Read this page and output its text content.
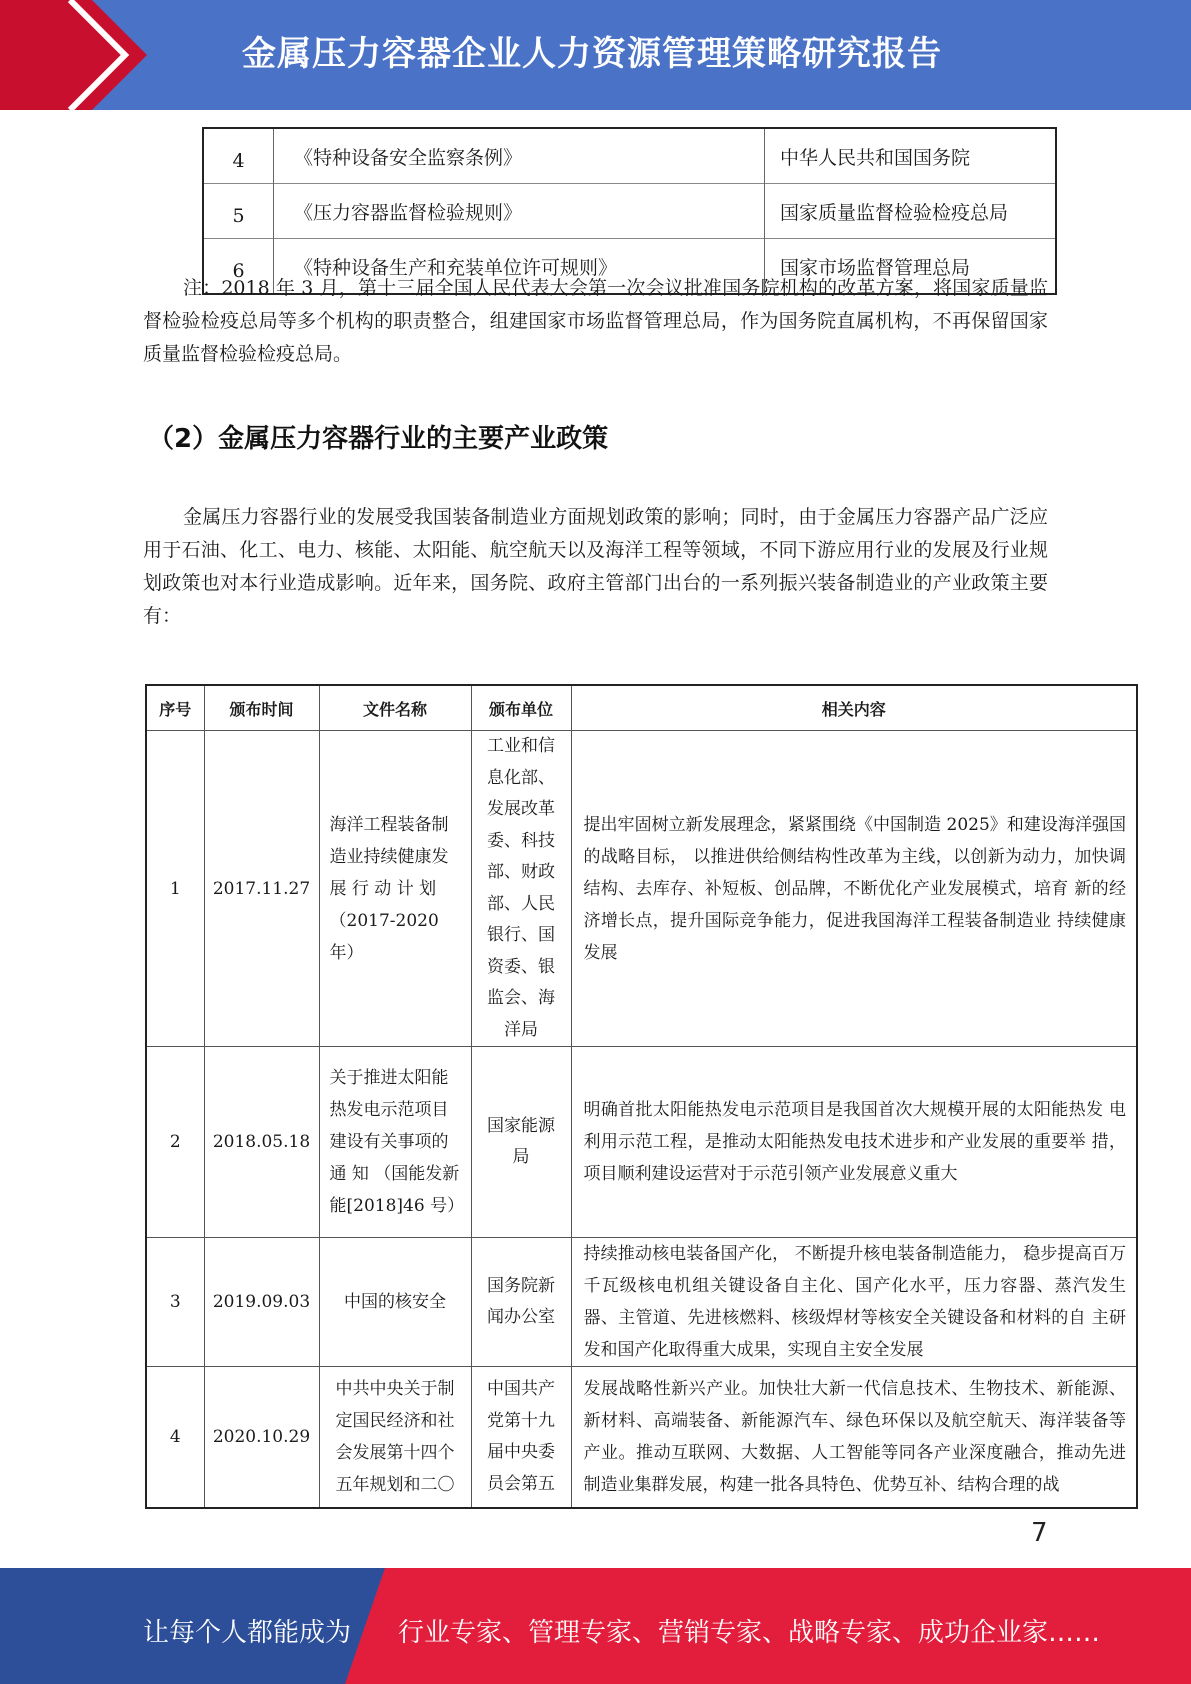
金属压力容器企业人力资源管理策略研究报告
4	《特种设备安全监察条例》	中华人民共和国国务院
5	《压力容器监督检验规则》	国家质量监督检验检疫总局
6	《特种设备生产和充装单位许可规则》	国家市场监督管理总局

注：2018 年 3 月，第十三届全国人民代表大会第一次会议批准国务院机构的改革方案，将国家质量监督检验检疫总局等多个机构的职责整合，组建国家市场监督管理总局，作为国务院直属机构，不再保留国家质量监督检验检疫总局。

（2）金属压力容器行业的主要产业政策

金属压力容器行业的发展受我国装备制造业方面规划政策的影响；同时，由于金属压力容器产品广泛应用于石油、化工、电力、核能、太阳能、航空航天以及海洋工程等领域，不同下游应用行业的发展及行业规划政策也对本行业造成影响。近年来，国务院、政府主管部门出台的一系列振兴装备制造业的产业政策主要有：

序号	颁布时间	文件名称	颁布单位	相关内容
1	2017.11.27	海洋工程装备制造业持续健康发展 行 动 计 划 （2017-2020 年）	工业和信息化部、发展改革委、科技部、财政部、人民银行、国资委、银监会、海洋局	提出牢固树立新发展理念，紧紧围绕《中国制造 2025》和建设海洋强国的战略目标， 以推进供给侧结构性改革为主线，以创新为动力，加快调结构、去库存、补短板、创品牌，不断优化产业发展模式，培育 新的经济增长点，提升国际竞争能力，促进我国海洋工程装备制造业 持续健康发展
2	2018.05.18	关于推进太阳能 热发电示范项目 建设有关事项的 通 知 （国能发新 能[2018]46 号）	国家能源局	明确首批太阳能热发电示范项目是我国首次大规模开展的太阳能热发 电利用示范工程，是推动太阳能热发电技术进步和产业发展的重要举 措，项目顺利建设运营对于示范引领产业发展意义重大
3	2019.09.03	中国的核安全	国务院新闻办公室	持续推动核电装备国产化， 不断提升核电装备制造能力， 稳步提高百万千瓦级核电机组关键设备自主化、国产化水平，压力容器、蒸汽发生器、主管道、先进核燃料、核级焊材等核安全关键设备和材料的自 主研发和国产化取得重大成果，实现自主安全发展
4	2020.10.29	中共中央关于制定国民经济和社会发展第十四个五年规划和二〇	中国共产党第十九届中央委员会第五	发展战略性新兴产业。加快壮大新一代信息技术、生物技术、新能源、新材料、高端装备、新能源汽车、绿色环保以及航空航天、海洋装备等产业。推动互联网、大数据、人工智能等同各产业深度融合，推动先进制造业集群发展，构建一批各具特色、优势互补、结构合理的战
7
让每个人都能成为 行业专家、管理专家、营销专家、战略专家、成功企业家……
